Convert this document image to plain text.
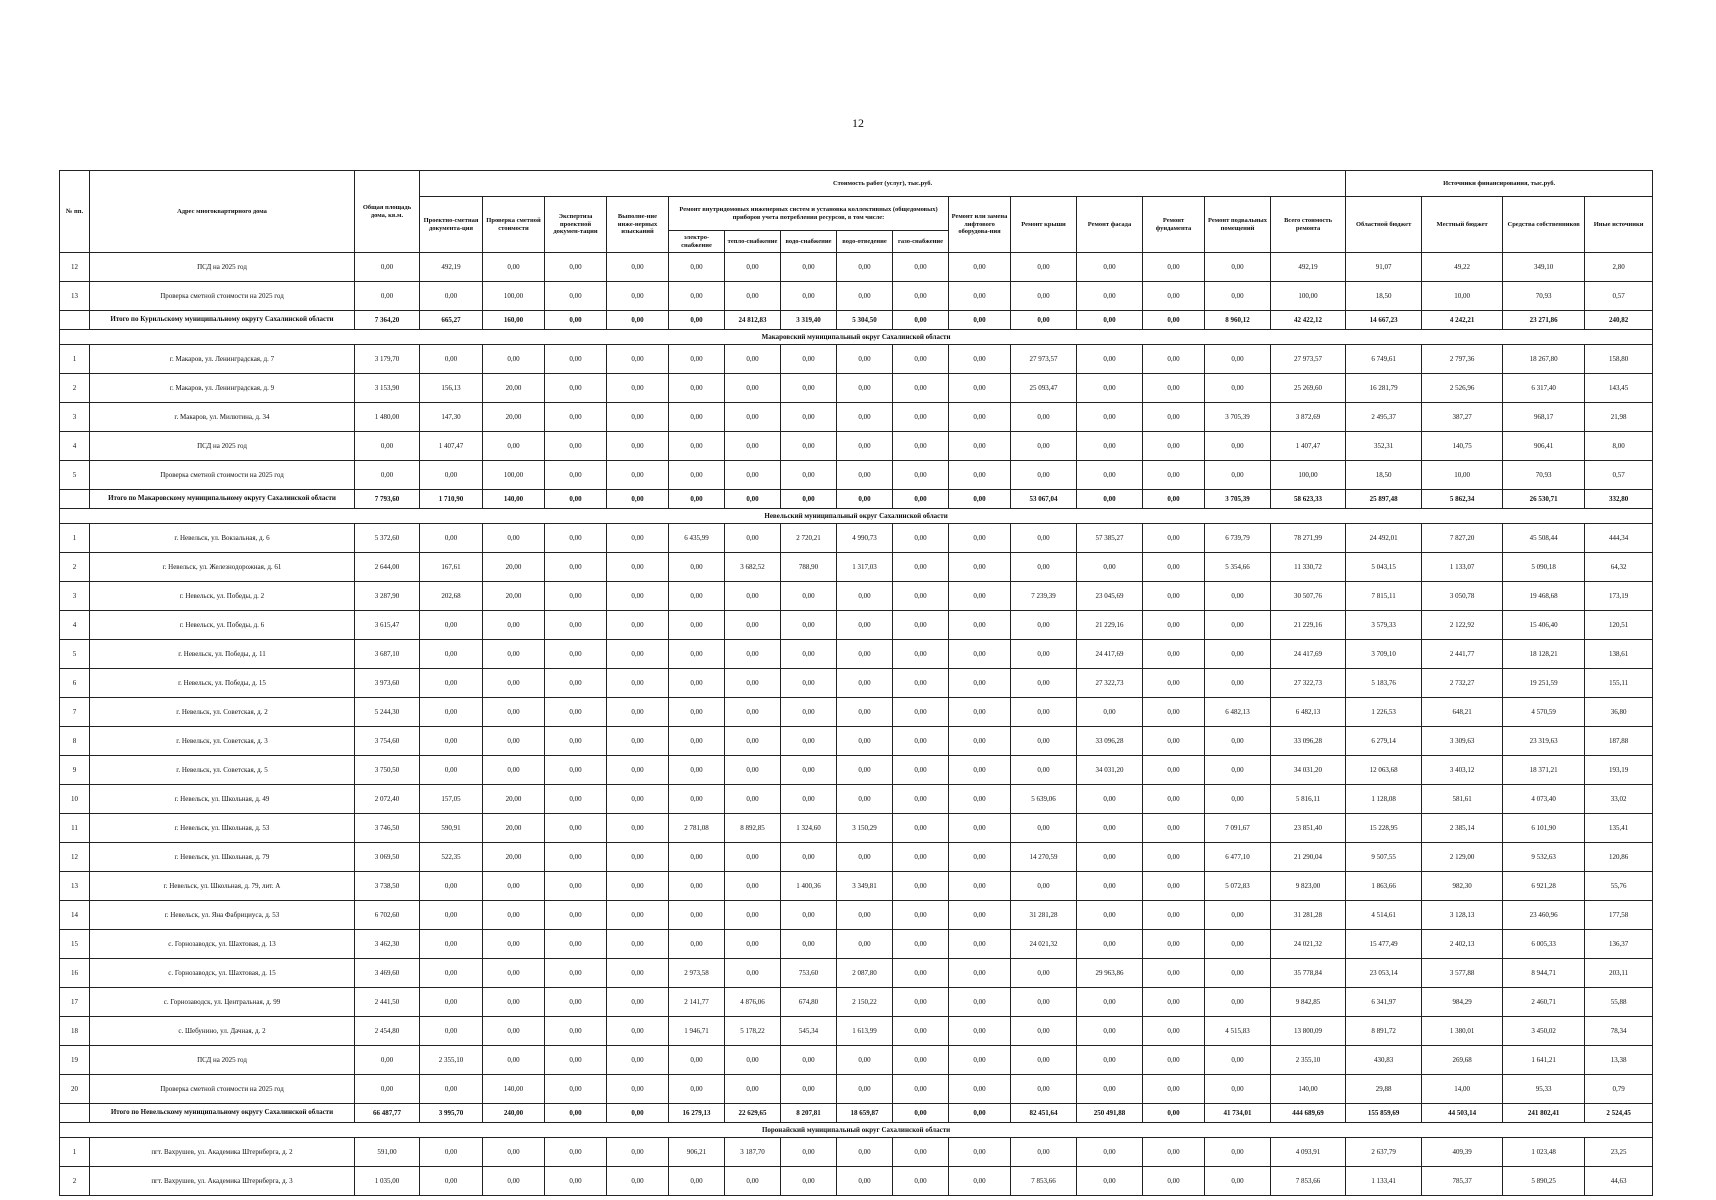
12
№ пп.	Адрес многоквартирного дома	Общая площадь дома, кв.м.	Стоимость работ (услуг), тыс.руб.															Источники финансирования, тыс.руб.			
			Проектно-сметная документа-ция	Проверка сметной стоимости	Экспертиза проектной докумен-тации	Выполне-ние инже-нерных изысканий	Ремонт внутридомовых инженерных систем и установка коллективных (общедомовых) приборов учета потребления ресурсов, в том числе:					Ремонт или замена лифтового оборудова-ния	Ремонт крыши	Ремонт фасада	Ремонт фундамента	Ремонт подвальных помещений	Всего стоимость ремонта	Областной бюджет	Местный бюджет	Средства собственников	Иные источники
							электро-снабжение	тепло-снабжение	водо-снабжение	водо-отведение	газо-снабжение										
12	ПСД на 2025 год	0,00	492,19	0,00	0,00	0,00	0,00	0,00	0,00	0,00	0,00	0,00	0,00	0,00	0,00	0,00	492,19	91,07	49,22	349,10	2,80
13	Проверка сметной стоимости на 2025 год	0,00	0,00	100,00	0,00	0,00	0,00	0,00	0,00	0,00	0,00	0,00	0,00	0,00	0,00	0,00	100,00	18,50	10,00	70,93	0,57
	Итого по Курильскому муниципальному округу Сахалинской области	7 364,20	665,27	160,00	0,00	0,00	0,00	24 812,83	3 319,40	5 304,50	0,00	0,00	0,00	0,00	0,00	8 960,12	42 422,12	14 667,23	4 242,21	23 271,86	240,82
Макаровский муниципальный округ Сахалинской области																					
1	г. Макаров, ул. Ленинградская, д. 7	3 179,70	0,00	0,00	0,00	0,00	0,00	0,00	0,00	0,00	0,00	0,00	27 973,57	0,00	0,00	0,00	27 973,57	6 749,61	2 797,36	18 267,80	158,80
2	г. Макаров, ул. Ленинградская, д. 9	3 153,90	156,13	20,00	0,00	0,00	0,00	0,00	0,00	0,00	0,00	0,00	25 093,47	0,00	0,00	0,00	25 269,60	16 281,79	2 526,96	6 317,40	143,45
3	г. Макаров, ул. Милютина, д. 34	1 480,00	147,30	20,00	0,00	0,00	0,00	0,00	0,00	0,00	0,00	0,00	0,00	0,00	0,00	3 705,39	3 872,69	2 495,37	387,27	968,17	21,98
4	ПСД на 2025 год	0,00	1 407,47	0,00	0,00	0,00	0,00	0,00	0,00	0,00	0,00	0,00	0,00	0,00	0,00	0,00	1 407,47	352,31	140,75	906,41	8,00
5	Проверка сметной стоимости на 2025 год	0,00	0,00	100,00	0,00	0,00	0,00	0,00	0,00	0,00	0,00	0,00	0,00	0,00	0,00	0,00	100,00	18,50	10,00	70,93	0,57
	Итого по Макаровскому муниципальному округу Сахалинской области	7 793,60	1 710,90	140,00	0,00	0,00	0,00	0,00	0,00	0,00	0,00	0,00	53 067,04	0,00	0,00	3 705,39	58 623,33	25 897,48	5 862,34	26 530,71	332,80
Невельский муниципальный округ Сахалинской области																					
1	г. Невельск, ул. Вокзальная, д. 6	5 372,60	0,00	0,00	0,00	0,00	6 435,99	0,00	2 720,21	4 990,73	0,00	0,00	0,00	57 385,27	0,00	6 739,79	78 271,99	24 492,01	7 827,20	45 508,44	444,34
2	г. Невельск, ул. Железнодорожная, д. 61	2 644,00	167,61	20,00	0,00	0,00	0,00	3 682,52	788,90	1 317,03	0,00	0,00	0,00	0,00	0,00	5 354,66	11 330,72	5 043,15	1 133,07	5 090,18	64,32
3	г. Невельск, ул. Победы, д. 2	3 287,90	202,68	20,00	0,00	0,00	0,00	0,00	0,00	0,00	0,00	0,00	7 239,39	23 045,69	0,00	0,00	30 507,76	7 815,11	3 050,78	19 468,68	173,19
4	г. Невельск, ул. Победы, д. 6	3 615,47	0,00	0,00	0,00	0,00	0,00	0,00	0,00	0,00	0,00	0,00	0,00	21 229,16	0,00	0,00	21 229,16	3 579,33	2 122,92	15 406,40	120,51
5	г. Невельск, ул. Победы, д. 11	3 687,10	0,00	0,00	0,00	0,00	0,00	0,00	0,00	0,00	0,00	0,00	0,00	24 417,69	0,00	0,00	24 417,69	3 709,10	2 441,77	18 128,21	138,61
6	г. Невельск, ул. Победы, д. 15	3 973,60	0,00	0,00	0,00	0,00	0,00	0,00	0,00	0,00	0,00	0,00	0,00	27 322,73	0,00	0,00	27 322,73	5 183,76	2 732,27	19 251,59	155,11
7	г. Невельск, ул. Советская, д. 2	5 244,30	0,00	0,00	0,00	0,00	0,00	0,00	0,00	0,00	0,00	0,00	0,00	0,00	0,00	6 482,13	6 482,13	1 226,53	648,21	4 570,59	36,80
8	г. Невельск, ул. Советская, д. 3	3 754,60	0,00	0,00	0,00	0,00	0,00	0,00	0,00	0,00	0,00	0,00	0,00	33 096,28	0,00	0,00	33 096,28	6 279,14	3 309,63	23 319,63	187,88
9	г. Невельск, ул. Советская, д. 5	3 750,50	0,00	0,00	0,00	0,00	0,00	0,00	0,00	0,00	0,00	0,00	0,00	34 031,20	0,00	0,00	34 031,20	12 063,68	3 403,12	18 371,21	193,19
10	г. Невельск, ул. Школьная, д. 49	2 072,40	157,05	20,00	0,00	0,00	0,00	0,00	0,00	0,00	0,00	0,00	5 639,06	0,00	0,00	0,00	5 816,11	1 128,08	581,61	4 073,40	33,02
11	г. Невельск, ул. Школьная, д. 53	3 746,50	590,91	20,00	0,00	0,00	2 781,08	8 892,85	1 324,60	3 150,29	0,00	0,00	0,00	0,00	0,00	7 091,67	23 851,40	15 228,95	2 385,14	6 101,90	135,41
12	г. Невельск, ул. Школьная, д. 79	3 069,50	522,35	20,00	0,00	0,00	0,00	0,00	0,00	0,00	0,00	0,00	14 270,59	0,00	0,00	6 477,10	21 290,04	9 507,55	2 129,00	9 532,63	120,86
13	г. Невельск, ул. Школьная, д. 79, лит. А	3 738,50	0,00	0,00	0,00	0,00	0,00	0,00	1 400,36	3 349,81	0,00	0,00	0,00	0,00	0,00	5 072,83	9 823,00	1 863,66	982,30	6 921,28	55,76
14	г. Невельск, ул. Яна Фабрициуса, д. 53	6 702,60	0,00	0,00	0,00	0,00	0,00	0,00	0,00	0,00	0,00	0,00	31 281,28	0,00	0,00	0,00	31 281,28	4 514,61	3 128,13	23 460,96	177,58
15	с. Горнозаводск, ул. Шахтовая, д. 13	3 462,30	0,00	0,00	0,00	0,00	0,00	0,00	0,00	0,00	0,00	0,00	24 021,32	0,00	0,00	0,00	24 021,32	15 477,49	2 402,13	6 005,33	136,37
16	с. Горнозаводск, ул. Шахтовая, д. 15	3 469,60	0,00	0,00	0,00	0,00	2 973,58	0,00	753,60	2 087,80	0,00	0,00	0,00	29 963,86	0,00	0,00	35 778,84	23 053,14	3 577,88	8 944,71	203,11
17	с. Горнозаводск, ул. Центральная, д. 99	2 441,50	0,00	0,00	0,00	0,00	2 141,77	4 876,06	674,80	2 150,22	0,00	0,00	0,00	0,00	0,00	0,00	9 842,85	6 341,97	984,29	2 460,71	55,88
18	с. Шебунино, ул. Дачная, д. 2	2 454,80	0,00	0,00	0,00	0,00	1 946,71	5 178,22	545,34	1 613,99	0,00	0,00	0,00	0,00	0,00	4 515,83	13 800,09	8 891,72	1 380,01	3 450,02	78,34
19	ПСД на 2025 год	0,00	2 355,10	0,00	0,00	0,00	0,00	0,00	0,00	0,00	0,00	0,00	0,00	0,00	0,00	0,00	2 355,10	430,83	269,68	1 641,21	13,38
20	Проверка сметной стоимости на 2025 год	0,00	0,00	140,00	0,00	0,00	0,00	0,00	0,00	0,00	0,00	0,00	0,00	0,00	0,00	0,00	140,00	29,88	14,00	95,33	0,79
	Итого по Невельскому муниципальному округу Сахалинской области	66 487,77	3 995,70	240,00	0,00	0,00	16 279,13	22 629,65	8 207,81	18 659,87	0,00	0,00	82 451,64	250 491,88	0,00	41 734,01	444 689,69	155 859,69	44 503,14	241 802,41	2 524,45
Поронайский муниципальный округ Сахалинской области																					
1	пгт. Вахрушев, ул. Академика Штернберга, д. 2	591,00	0,00	0,00	0,00	0,00	906,21	3 187,70	0,00	0,00	0,00	0,00	0,00	0,00	0,00	0,00	4 093,91	2 637,79	409,39	1 023,48	23,25
2	пгт. Вахрушев, ул. Академика Штернберга, д. 3	1 035,00	0,00	0,00	0,00	0,00	0,00	0,00	0,00	0,00	0,00	0,00	7 853,66	0,00	0,00	0,00	7 853,66	1 133,41	785,37	5 890,25	44,63
